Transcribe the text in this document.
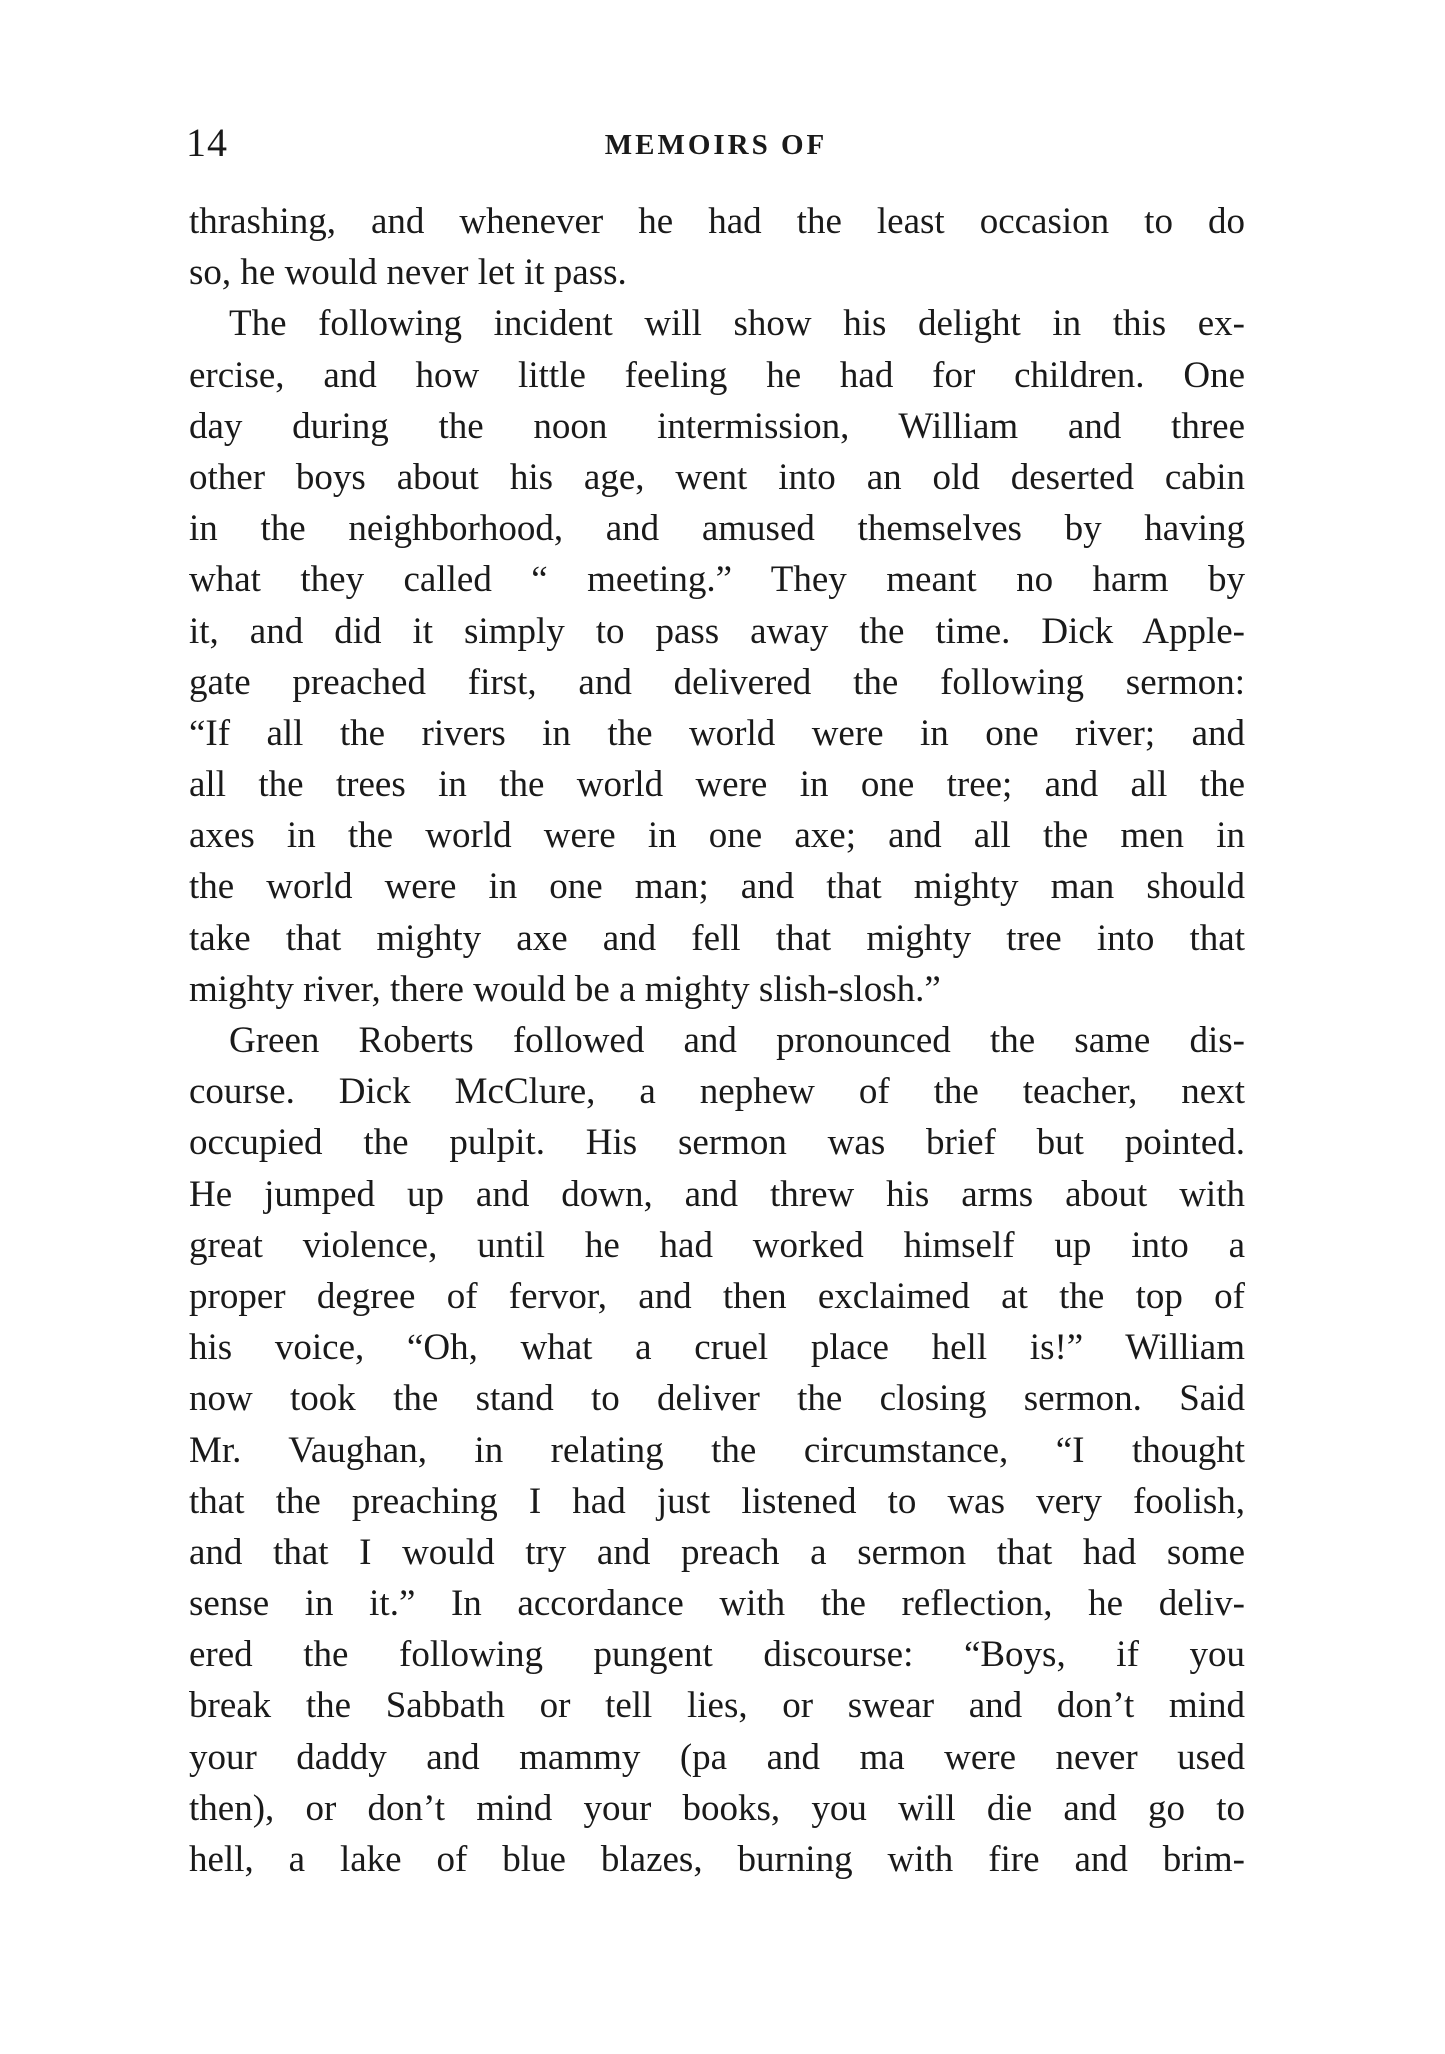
14	MEMOIRS OF
thrashing, and whenever he had the least occasion to do
so, he would never let it pass.
The following incident will show his delight in this ex-
ercise, and how little feeling he had for children. One
day during the noon intermission, William and three
other boys about his age, went into an old deserted cabin
in the neighborhood, and amused themselves by having
what they called “ meeting.” They meant no harm by
it, and did it simply to pass away the time. Dick Apple-
gate preached first, and delivered the following sermon:
“If all the rivers in the world were in one river; and
all the trees in the world were in one tree; and all the
axes in the world were in one axe; and all the men in
the world were in one man; and that mighty man should
take that mighty axe and fell that mighty tree into that
mighty river, there would be a mighty slish-slosh.”
Green Roberts followed and pronounced the same dis-
course. Dick McClure, a nephew of the teacher, next
occupied the pulpit. His sermon was brief but pointed.
He jumped up and down, and threw his arms about with
great violence, until he had worked himself up into a
proper degree of fervor, and then exclaimed at the top of
his voice, “Oh, what a cruel place hell is!” William
now took the stand to deliver the closing sermon. Said
Mr. Vaughan, in relating the circumstance, “I thought
that the preaching I had just listened to was very foolish,
and that I would try and preach a sermon that had some
sense in it.” In accordance with the reflection, he deliv-
ered the following pungent discourse: “Boys, if you
break the Sabbath or tell lies, or swear and don’t mind
your daddy and mammy (pa and ma were never used
then), or don’t mind your books, you will die and go to
hell, a lake of blue blazes, burning with fire and brim-
